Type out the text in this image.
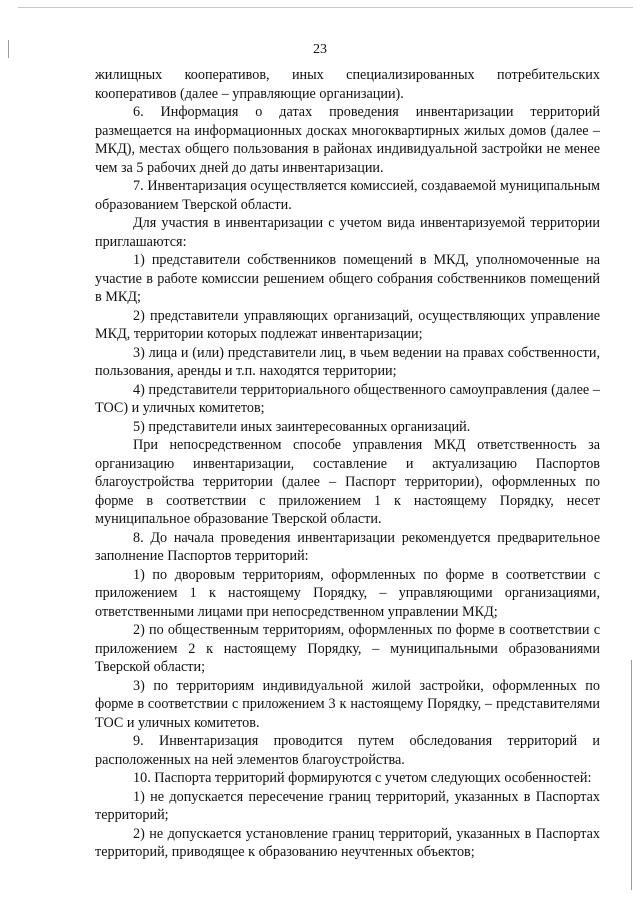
23

жилищных кооперативов, иных специализированных потребительских кооперативов (далее – управляющие организации).

6. Информация о датах проведения инвентаризации территорий размещается на информационных досках многоквартирных жилых домов (далее – МКД), местах общего пользования в районах индивидуальной застройки не менее чем за 5 рабочих дней до даты инвентаризации.

7. Инвентаризация осуществляется комиссией, создаваемой муниципальным образованием Тверской области.

Для участия в инвентаризации с учетом вида инвентаризуемой территории приглашаются:

1) представители собственников помещений в МКД, уполномоченные на участие в работе комиссии решением общего собрания собственников помещений в МКД;

2) представители управляющих организаций, осуществляющих управление МКД, территории которых подлежат инвентаризации;

3) лица и (или) представители лиц, в чьем ведении на правах собственности, пользования, аренды и т.п. находятся территории;

4) представители территориального общественного самоуправления (далее – ТОС) и уличных комитетов;

5) представители иных заинтересованных организаций.

При непосредственном способе управления МКД ответственность за организацию инвентаризации, составление и актуализацию Паспортов благоустройства территории (далее – Паспорт территории), оформленных по форме в соответствии с приложением 1 к настоящему Порядку, несет муниципальное образование Тверской области.

8. До начала проведения инвентаризации рекомендуется предварительное заполнение Паспортов территорий:

1) по дворовым территориям, оформленных по форме в соответствии с приложением 1 к настоящему Порядку, – управляющими организациями, ответственными лицами при непосредственном управлении МКД;

2) по общественным территориям, оформленных по форме в соответствии с приложением 2 к настоящему Порядку, – муниципальными образованиями Тверской области;

3) по территориям индивидуальной жилой застройки, оформленных по форме в соответствии с приложением 3 к настоящему Порядку, – представителями ТОС и уличных комитетов.

9. Инвентаризация проводится путем обследования территорий и расположенных на ней элементов благоустройства.

10. Паспорта территорий формируются с учетом следующих особенностей:

1) не допускается пересечение границ территорий, указанных в Паспортах территорий;

2) не допускается установление границ территорий, указанных в Паспортах территорий, приводящее к образованию неучтенных объектов;
